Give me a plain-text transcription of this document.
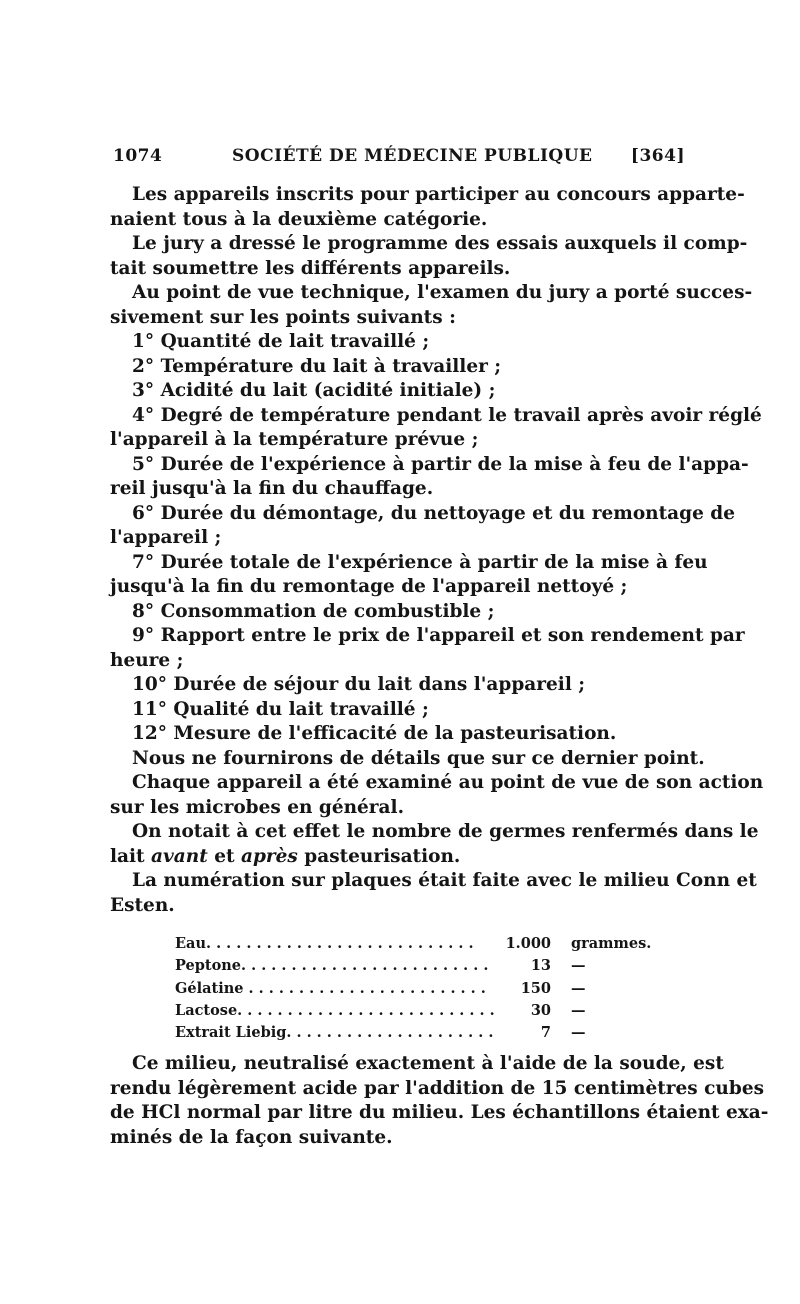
1074	SOCIÉTÉ DE MÉDECINE PUBLIQUE [364]
Les appareils inscrits pour participer au concours apparte-
naient tous à la deuxième catégorie.
Le jury a dressé le programme des essais auxquels il comp-
tait soumettre les différents appareils.
Au point de vue technique, l'examen du jury a porté succes-
sivement sur les points suivants :
1° Quantité de lait travaillé ;
2° Température du lait à travailler ;
3° Acidité du lait (acidité initiale) ;
4° Degré de température pendant le travail après avoir réglé
l'appareil à la température prévue ;
5° Durée de l'expérience à partir de la mise à feu de l'appa-
reil jusqu'à la fin du chauffage.
6° Durée du démontage, du nettoyage et du remontage de
l'appareil ;
7° Durée totale de l'expérience à partir de la mise à feu
jusqu'à la fin du remontage de l'appareil nettoyé ;
8° Consommation de combustible ;
9° Rapport entre le prix de l'appareil et son rendement par
heure ;
10° Durée de séjour du lait dans l'appareil ;
11° Qualité du lait travaillé ;
12° Mesure de l'efficacité de la pasteurisation.
Nous ne fournirons de détails que sur ce dernier point.
Chaque appareil a été examiné au point de vue de son action
sur les microbes en général.
On notait à cet effet le nombre de germes renfermés dans le
lait avant et après pasteurisation.
La numération sur plaques était faite avec le milieu Conn et
Esten.
Eau. . . . . . . . . . . . . . . . . . . . . . . . . . .	1.000 grammes.
Peptone. . . . . . . . . . . . . . . . . . . . . . . . .	13 —
Gélatine . . . . . . . . . . . . . . . . . . . . . . . .	150 —
Lactose. . . . . . . . . . . . . . . . . . . . . . . . . .	30 —
Extrait Liebig. . . . . . . . . . . . . . . . . . . . .	7 —
Ce milieu, neutralisé exactement à l'aide de la soude, est
rendu légèrement acide par l'addition de 15 centimètres cubes
de HCl normal par litre du milieu. Les échantillons étaient exa-
minés de la façon suivante.
